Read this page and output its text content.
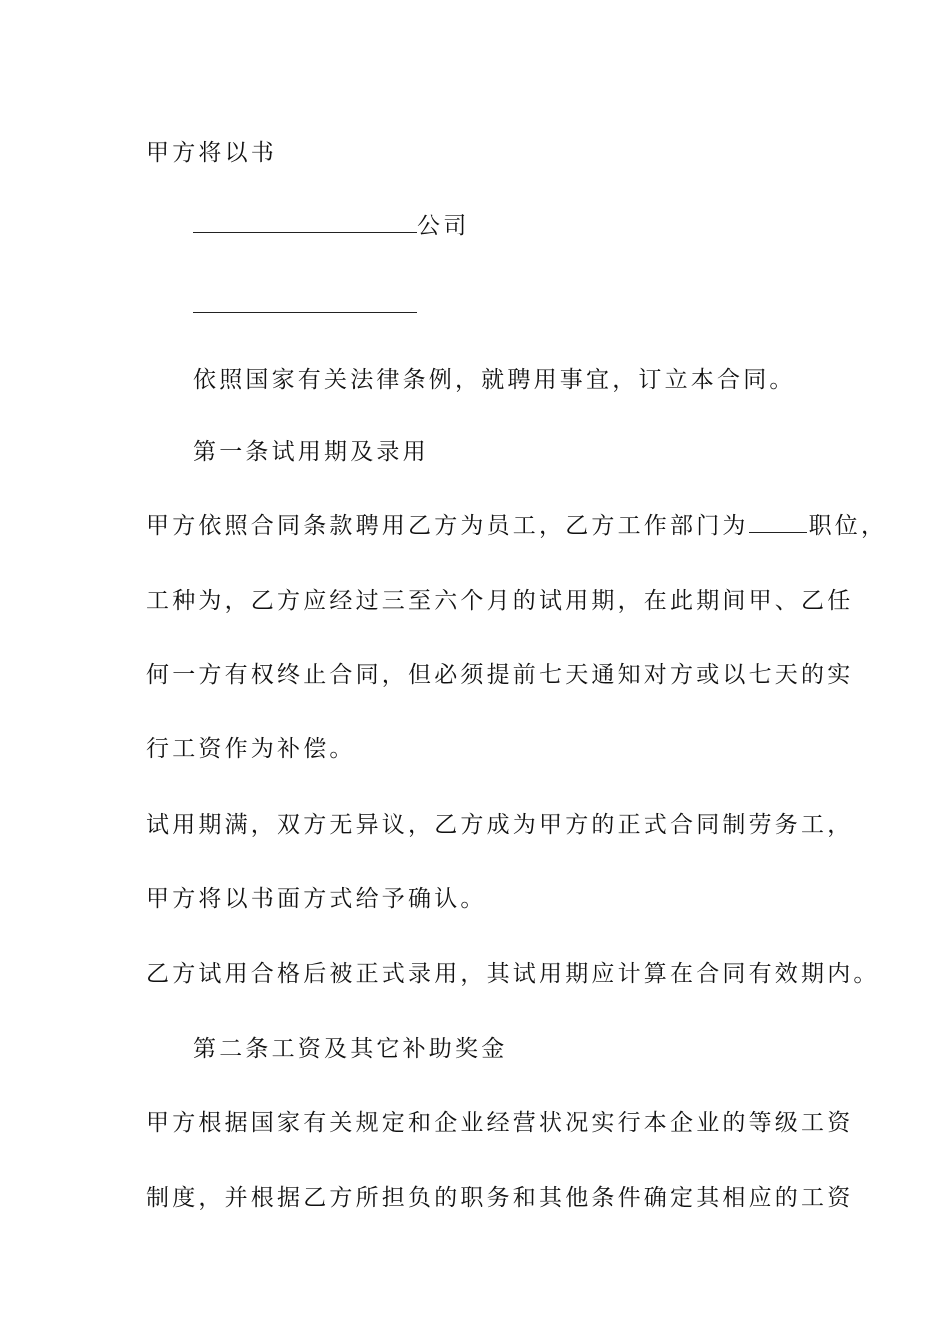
甲方将以书
公司
依照国家有关法律条例，就聘用事宜，订立本合同。
第一条试用期及录用
甲方依照合同条款聘用乙方为员工，乙方工作部门为	职位，
工种为，乙方应经过三至六个月的试用期，在此期间甲、乙任
何一方有权终止合同，但必须提前七天通知对方或以七天的实
行工资作为补偿。
试用期满，双方无异议，乙方成为甲方的正式合同制劳务工，
甲方将以书面方式给予确认。
乙方试用合格后被正式录用，其试用期应计算在合同有效期内。
第二条工资及其它补助奖金
甲方根据国家有关规定和企业经营状况实行本企业的等级工资
制度，并根据乙方所担负的职务和其他条件确定其相应的工资
